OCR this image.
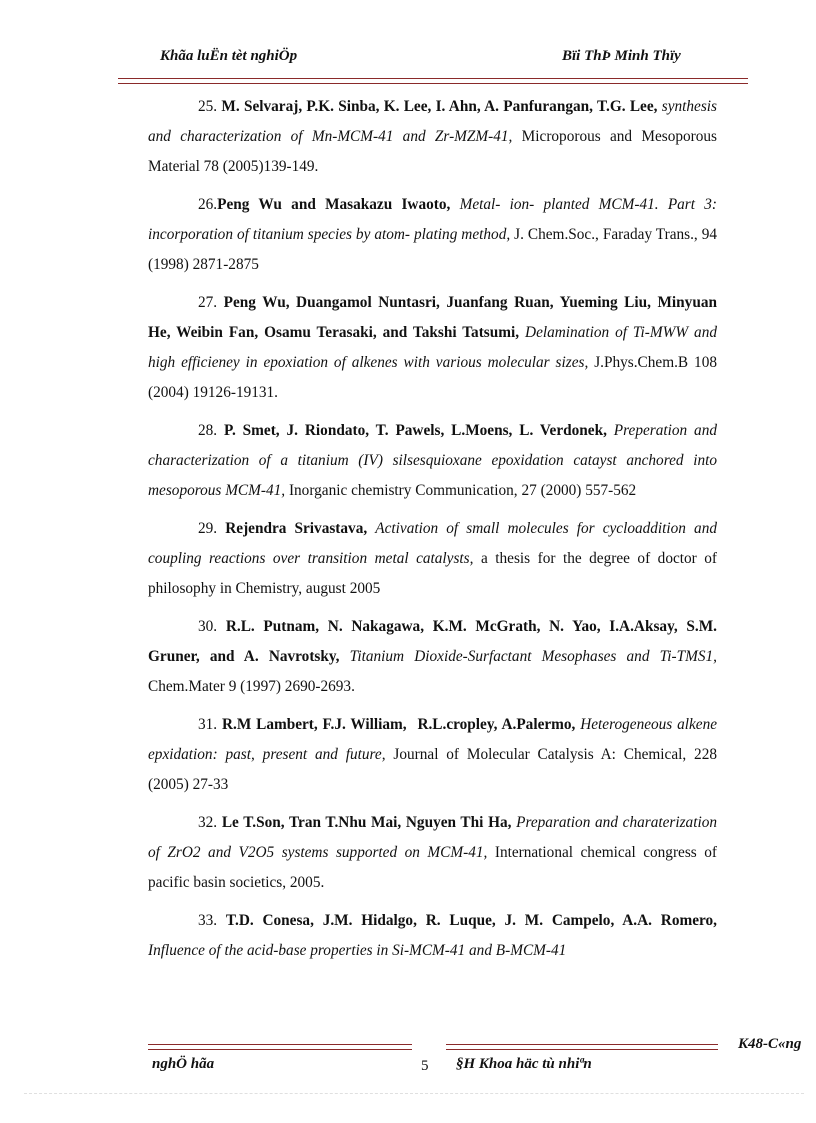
Khãa luËn tèt nghiÖp	Bïi ThÞ Minh Thïy

25. M. Selvaraj, P.K. Sinba, K. Lee, I. Ahn, A. Panfurangan, T.G. Lee, synthesis and characterization of Mn-MCM-41 and Zr-MZM-41, Microporous and Mesoporous Material 78 (2005)139-149.

26.Peng Wu and Masakazu Iwaoto, Metal- ion- planted MCM-41. Part 3: incorporation of titanium species by atom- plating method, J. Chem.Soc., Faraday Trans., 94 (1998) 2871-2875

27. Peng Wu, Duangamol Nuntasri, Juanfang Ruan, Yueming Liu, Minyuan He, Weibin Fan, Osamu Terasaki, and Takshi Tatsumi, Delamination of Ti-MWW and high efficieney in epoxiation of alkenes with various molecular sizes, J.Phys.Chem.B 108 (2004) 19126-19131.

28. P. Smet, J. Riondato, T. Pawels, L.Moens, L. Verdonek, Preperation and characterization of a titanium (IV) silsesquioxane epoxidation catayst anchored into mesoporous MCM-41, Inorganic chemistry Communication, 27 (2000) 557-562

29. Rejendra Srivastava, Activation of small molecules for cycloaddition and coupling reactions over transition metal catalysts, a thesis for the degree of doctor of philosophy in Chemistry, august 2005

30. R.L. Putnam, N. Nakagawa, K.M. McGrath, N. Yao, I.A.Aksay, S.M. Gruner, and A. Navrotsky, Titanium Dioxide-Surfactant Mesophases and Ti-TMS1, Chem.Mater 9 (1997) 2690-2693.

31. R.M Lambert, F.J. William, R.L.cropley, A.Palermo, Heterogeneous alkene epxidation: past, present and future, Journal of Molecular Catalysis A: Chemical, 228 (2005) 27-33

32. Le T.Son, Tran T.Nhu Mai, Nguyen Thi Ha, Preparation and charaterization of ZrO2 and V2O5 systems supported on MCM-41, International chemical congress of pacific basin societics, 2005.

33. T.D. Conesa, J.M. Hidalgo, R. Luque, J. M. Campelo, A.A. Romero, Influence of the acid-base properties in Si-MCM-41 and B-MCM-41

K48-C«ng
nghÖ hãa	5 §H Khoa häc tù nhiªn
